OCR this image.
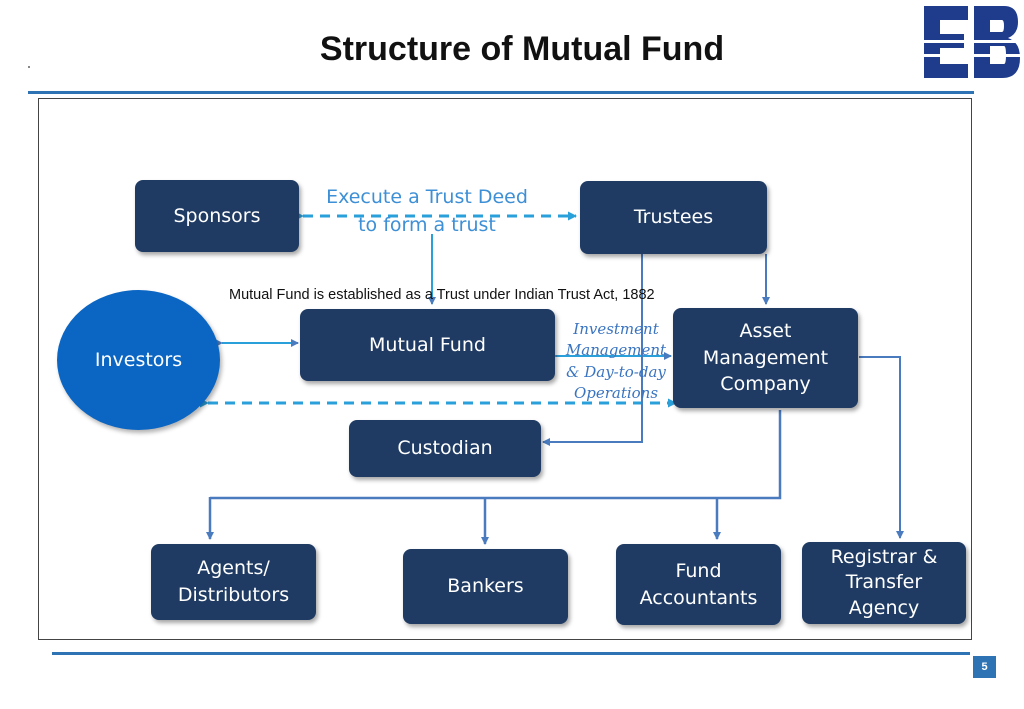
Structure of Mutual Fund
Sponsors	Trustees
Mutual Fund
Asset
Management
Company
Custodian
Agents/
Distributors	Bankers
Fund
Accountants
Registrar &
Transfer
Agency
Investors
Execute a Trust Deed
to form a trust
Mutual Fund is established as a Trust under Indian Trust Act, 1882
Investment
Management
& Day-to-day
Operations
5
